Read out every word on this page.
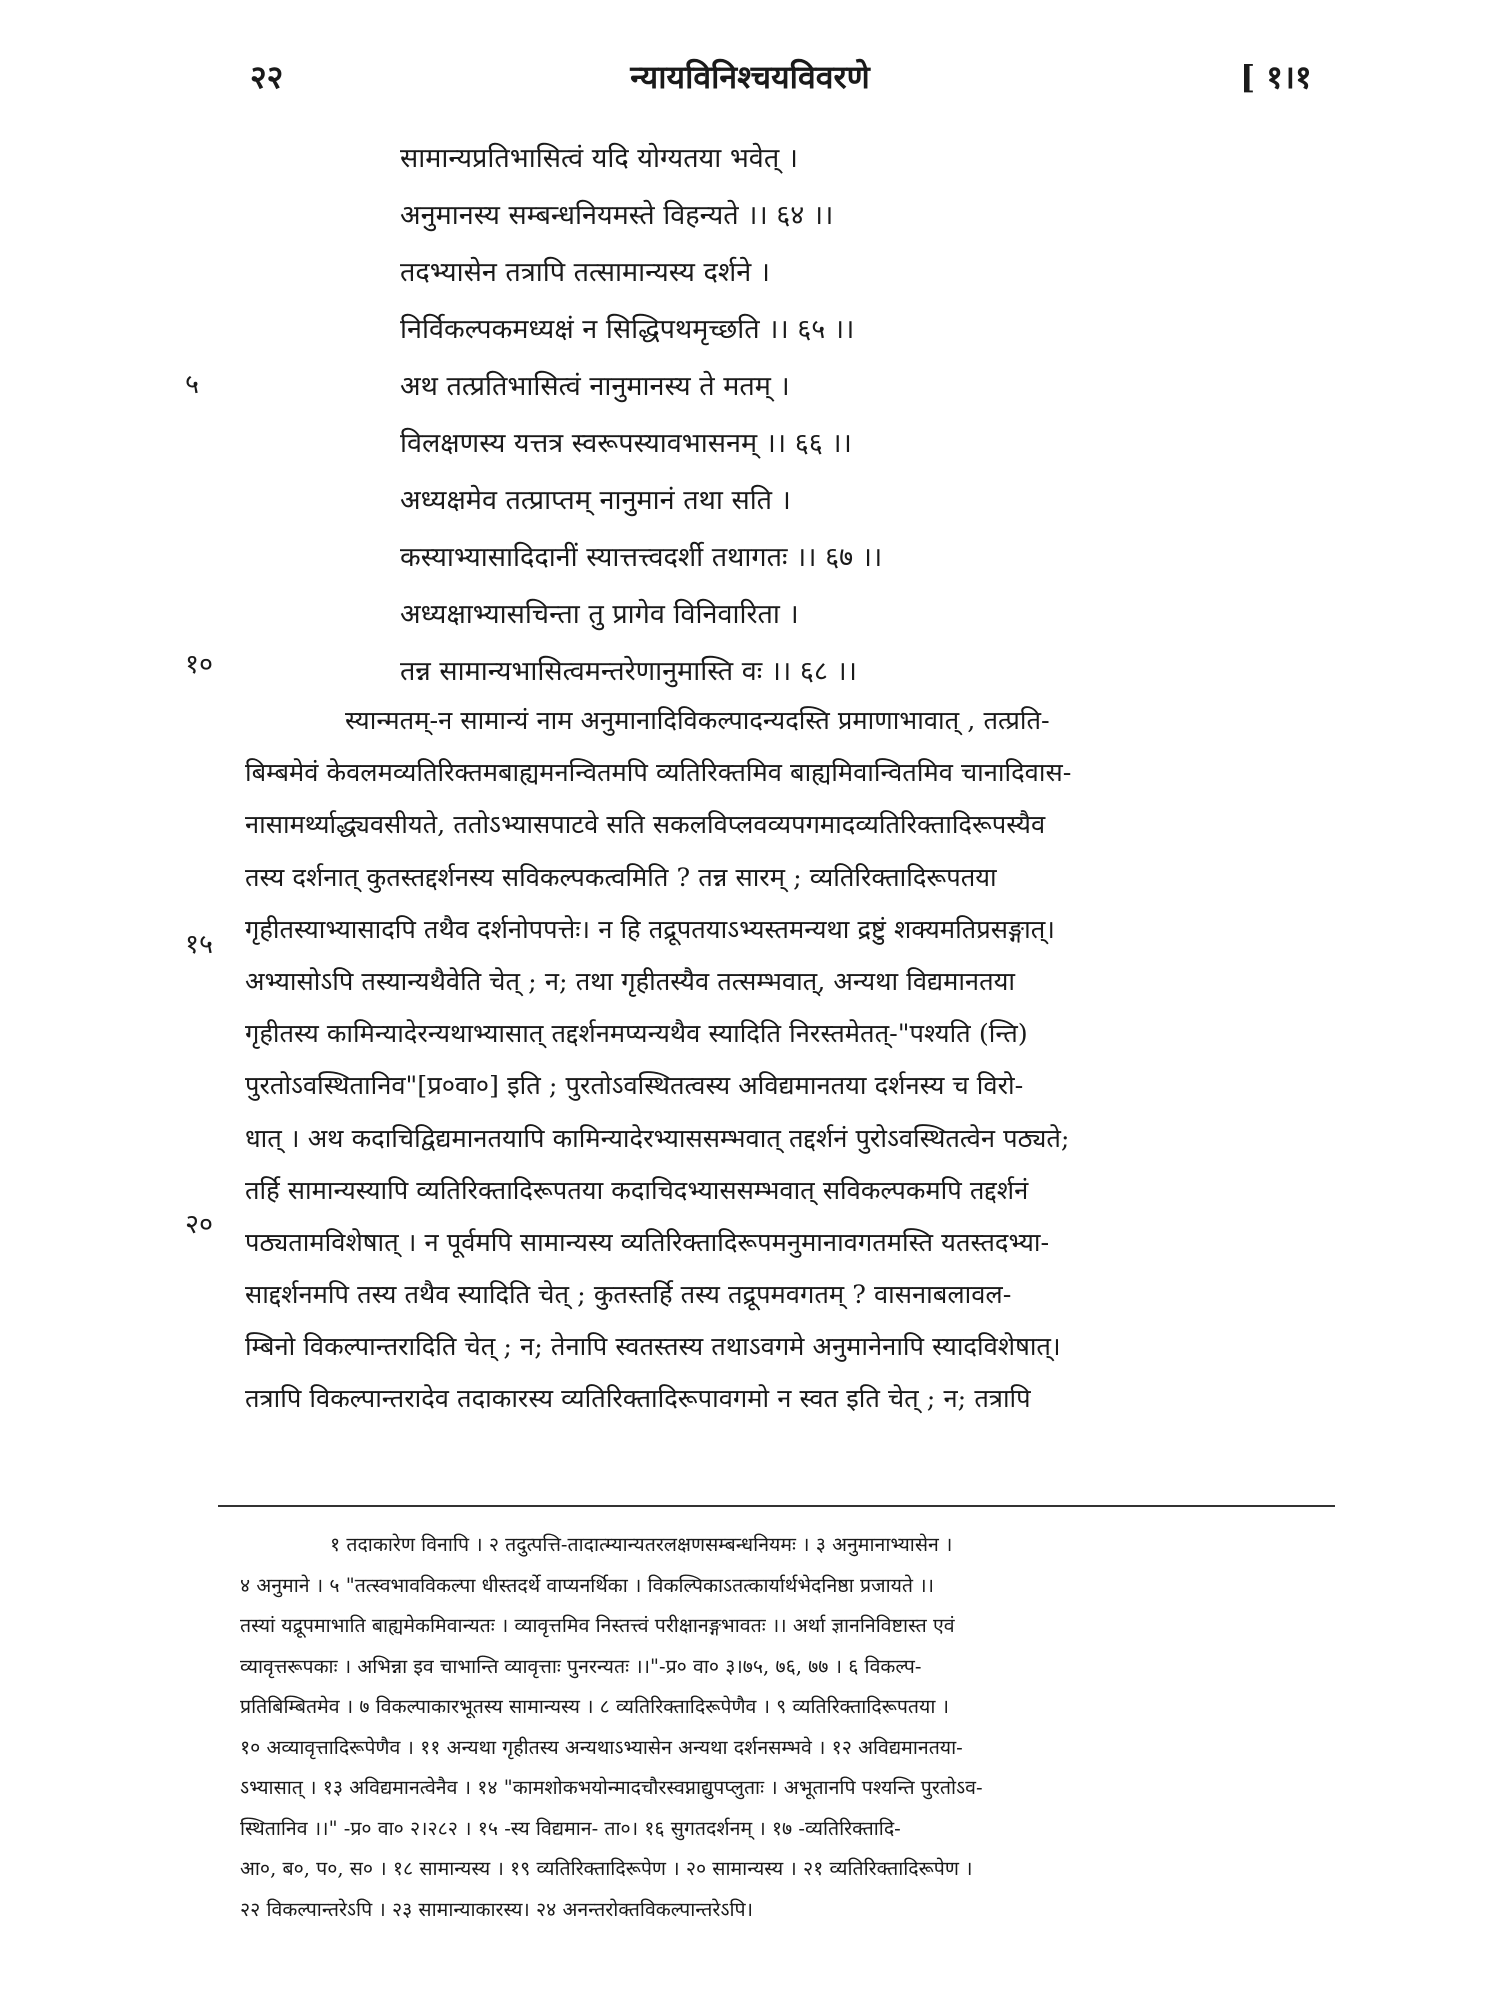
२२	न्यायविनिश्चयविवरणे	[ १।१
सामान्यप्रतिभासित्वं यदि योग्यतया भवेत् ।
अनुमानस्य सम्बन्धनियमस्ते विहन्यते ।। ६४ ।।
तदभ्यासेन तत्रापि तत्सामान्यस्य दर्शने ।
निर्विकल्पकमध्यक्षं न सिद्धिपथमृच्छति ।। ६५ ।।
अथ तत्प्रतिभासित्वं नानुमानस्य ते मतम् ।
विलक्षणस्य यत्तत्र स्वरूपस्यावभासनम् ।। ६६ ।।
अध्यक्षमेव तत्प्राप्तम् नानुमानं तथा सति ।
कस्याभ्यासादिदानीं स्यात्तत्त्वदर्शी तथागतः ।। ६७ ।।
अध्यक्षाभ्यासचिन्ता तु प्रागेव विनिवारिता ।
तन्न सामान्यभासित्वमन्तरेणानुमास्ति वः ।। ६८ ।।
५
१०
१५
२०
स्यान्मतम्-न सामान्यं नाम अनुमानादिविकल्पादन्यदस्ति प्रमाणाभावात् , तत्प्रति-
बिम्बमेवं केवलमव्यतिरिक्तमबाह्यमनन्वितमपि व्यतिरिक्तमिव बाह्यमिवान्वितमिव चानादिवास-
नासामर्थ्याद्ध्यवसीयते, ततोऽभ्यासपाटवे सति सकलविप्लवव्यपगमादव्यतिरिक्तादिरूपस्यैव
तस्य दर्शनात् कुतस्तद्दर्शनस्य सविकल्पकत्वमिति ? तन्न सारम् ; व्यतिरिक्तादिरूपतया
गृहीतस्याभ्यासादपि तथैव दर्शनोपपत्तेः। न हि तद्रूपतयाऽभ्यस्तमन्यथा द्रष्टुं शक्यमतिप्रसङ्गात्।
अभ्यासोऽपि तस्यान्यथैवेति चेत् ; न; तथा गृहीतस्यैव तत्सम्भवात्, अन्यथा विद्यमानतया
गृहीतस्य कामिन्यादेरन्यथाभ्यासात् तद्दर्शनमप्यन्यथैव स्यादिति निरस्तमेतत्-"पश्यति (न्ति)
पुरतोऽवस्थितानिव"[प्र०वा०] इति ; पुरतोऽवस्थितत्वस्य अविद्यमानतया दर्शनस्य च विरो-
धात् । अथ कदाचिद्विद्यमानतयापि कामिन्यादेरभ्याससम्भवात् तद्दर्शनं पुरोऽवस्थितत्वेन पठ्यते;
तर्हि सामान्यस्यापि व्यतिरिक्तादिरूपतया कदाचिदभ्याससम्भवात् सविकल्पकमपि तद्दर्शनं
पठ्यतामविशेषात् । न पूर्वमपि सामान्यस्य व्यतिरिक्तादिरूपमनुमानावगतमस्ति यतस्तदभ्या-
साद्दर्शनमपि तस्य तथैव स्यादिति चेत् ; कुतस्तर्हि तस्य तद्रूपमवगतम् ? वासनाबलावल-
म्बिनो विकल्पान्तरादिति चेत् ; न; तेनापि स्वतस्तस्य तथाऽवगमे अनुमानेनापि स्यादविशेषात्।
तत्रापि विकल्पान्तरादेव तदाकारस्य व्यतिरिक्तादिरूपावगमो न स्वत इति चेत् ; न; तत्रापि
१ तदाकारेण विनापि । २ तदुत्पत्ति-तादात्म्यान्यतरलक्षणसम्बन्धनियमः । ३ अनुमानाभ्यासेन ।
४ अनुमाने । ५ "तत्स्वभावविकल्पा धीस्तदर्थे वाप्यनर्थिका । विकल्पिकाऽतत्कार्यार्थभेदनिष्ठा प्रजायते ।।
तस्यां यद्रूपमाभाति बाह्यमेकमिवान्यतः । व्यावृत्तमिव निस्तत्त्वं परीक्षानङ्गभावतः ।। अर्था ज्ञाननिविष्टास्त एवं
व्यावृत्तरूपकाः । अभिन्ना इव चाभान्ति व्यावृत्ताः पुनरन्यतः ।।"-प्र० वा० ३।७५, ७६, ७७ । ६ विकल्प-
प्रतिबिम्बितमेव । ७ विकल्पाकारभूतस्य सामान्यस्य । ८ व्यतिरिक्तादिरूपेणैव । ९ व्यतिरिक्तादिरूपतया ।
१० अव्यावृत्तादिरूपेणैव । ११ अन्यथा गृहीतस्य अन्यथाऽभ्यासेन अन्यथा दर्शनसम्भवे । १२ अविद्यमानतया-
ऽभ्यासात् । १३ अविद्यमानत्वेनैव । १४ "कामशोकभयोन्मादचौरस्वप्नाद्युपप्लुताः । अभूतानपि पश्यन्ति पुरतोऽव-
स्थितानिव ।।" -प्र० वा० २।२८२ । १५ -स्य विद्यमान- ता०। १६ सुगतदर्शनम् । १७ -व्यतिरिक्तादि-
आ०, ब०, प०, स० । १८ सामान्यस्य । १९ व्यतिरिक्तादिरूपेण । २० सामान्यस्य । २१ व्यतिरिक्तादिरूपेण ।
२२ विकल्पान्तरेऽपि । २३ सामान्याकारस्य। २४ अनन्तरोक्तविकल्पान्तरेऽपि।
